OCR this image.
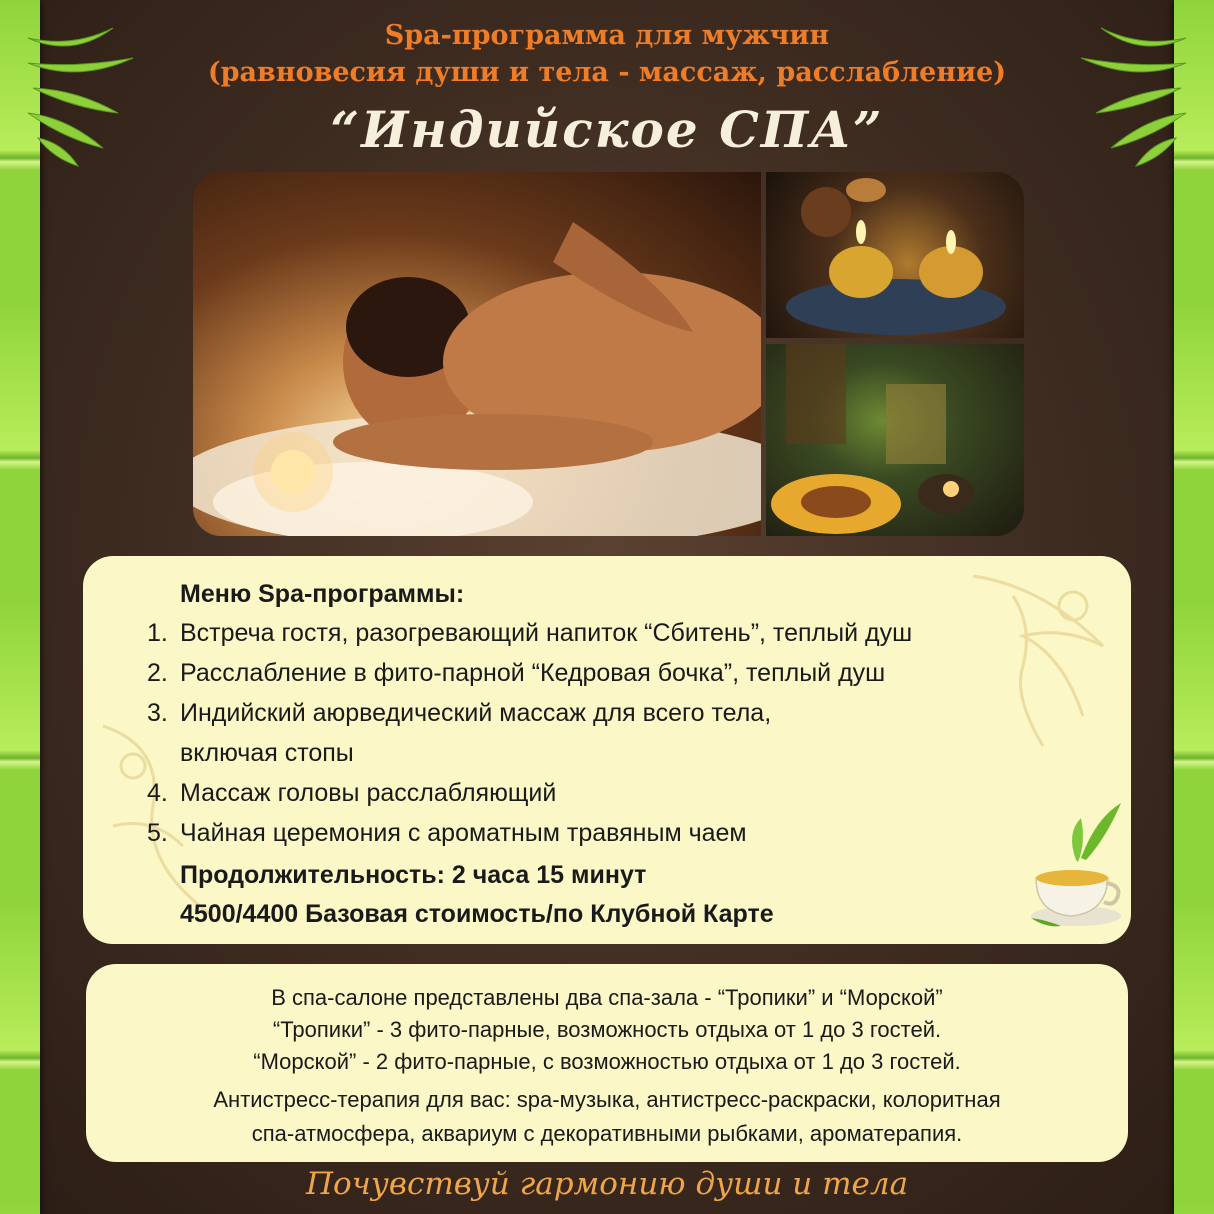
Spa-программа для мужчин
(равновесия души и тела - массаж, расслабление)
“Индийское СПА”
Меню Spa-программы:
1. Встреча гостя, разогревающий напиток “Сбитень”, теплый душ
2. Расслабление в фито-парной “Кедровая бочка”, теплый душ
3. Индийский аюрведический массаж для всего тела,
включая стопы
4. Массаж головы расслабляющий
5. Чайная церемония с ароматным травяным чаем
Продолжительность: 2 часа 15 минут
4500/4400 Базовая стоимость/по Клубной Карте
В спа-салоне представлены два спа-зала - “Тропики” и “Морской”
“Тропики” - 3 фито-парные, возможность отдыха от 1 до 3 гостей.
“Морской” - 2 фито-парные, с возможностью отдыха от 1 до 3 гостей.
Антистресс-терапия для вас: spa-музыка, антистресс-раскраски, колоритная
спа-атмосфера, аквариум с декоративными рыбками, ароматерапия.
Почувствуй гармонию души и тела
